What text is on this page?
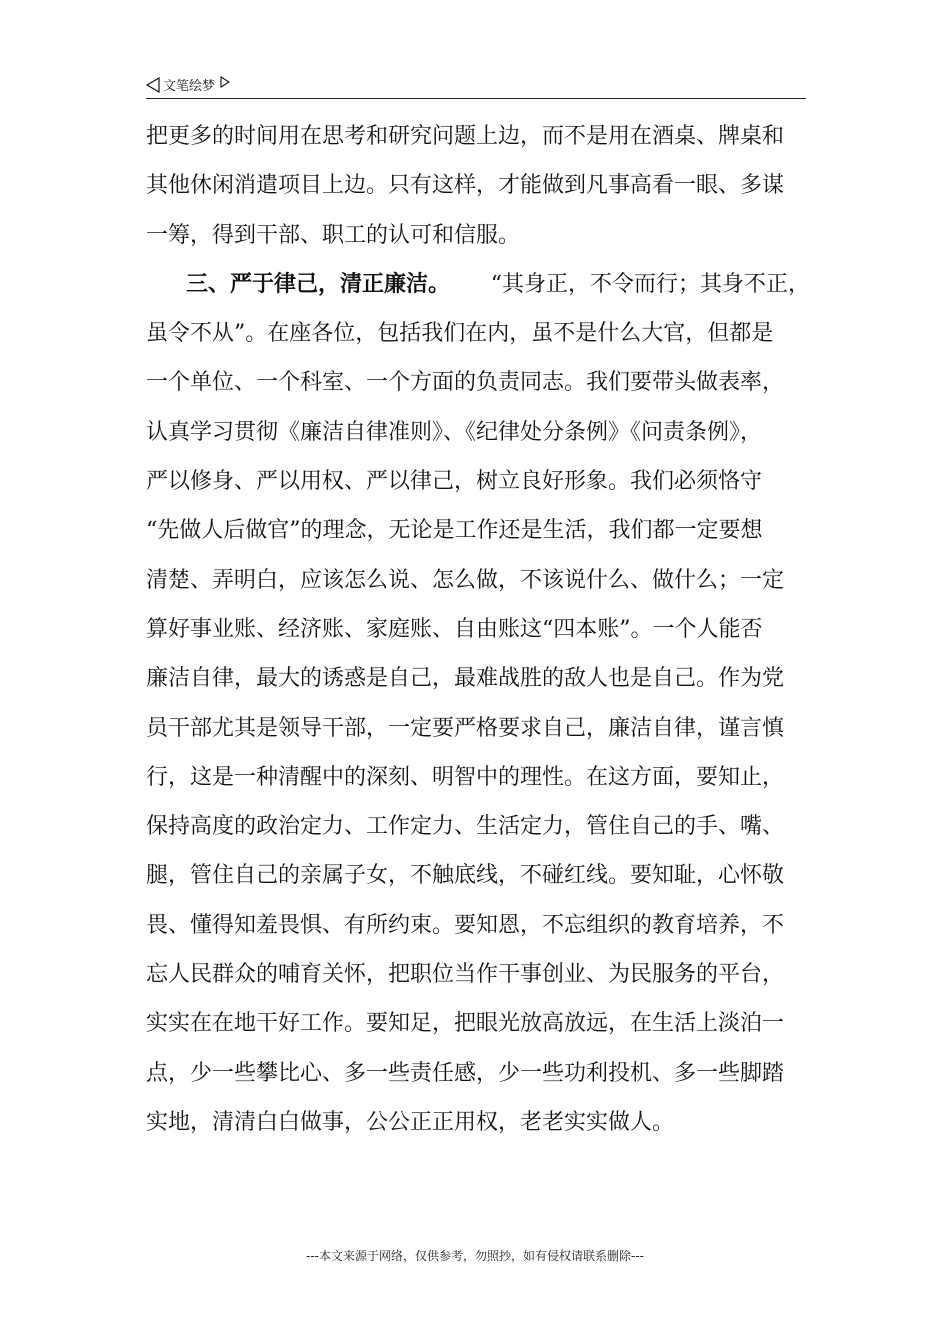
文笔绘梦
把更多的时间用在思考和研究问题上边，而不是用在酒桌、牌桌和
其他休闲消遣项目上边。只有这样，才能做到凡事高看一眼、多谋
一筹，得到干部、职工的认可和信服。
三、严于律己，清正廉洁。 “其身正，不令而行；其身不正，
虽令不从”。在座各位，包括我们在内，虽不是什么大官，但都是
一个单位、一个科室、一个方面的负责同志。我们要带头做表率，
认真学习贯彻《廉洁自律准则》、《纪律处分条例》《问责条例》，
严以修身、严以用权、严以律己，树立良好形象。我们必须恪守
“先做人后做官”的理念，无论是工作还是生活，我们都一定要想
清楚、弄明白，应该怎么说、怎么做，不该说什么、做什么；一定
算好事业账、经济账、家庭账、自由账这“四本账”。一个人能否
廉洁自律，最大的诱惑是自己，最难战胜的敌人也是自己。作为党
员干部尤其是领导干部，一定要严格要求自己，廉洁自律，谨言慎
行，这是一种清醒中的深刻、明智中的理性。在这方面，要知止，
保持高度的政治定力、工作定力、生活定力，管住自己的手、嘴、
腿，管住自己的亲属子女，不触底线，不碰红线。要知耻，心怀敬
畏、懂得知羞畏惧、有所约束。要知恩，不忘组织的教育培养，不
忘人民群众的哺育关怀，把职位当作干事创业、为民服务的平台，
实实在在地干好工作。要知足，把眼光放高放远，在生活上淡泊一
点，少一些攀比心、多一些责任感，少一些功利投机、多一些脚踏
实地，清清白白做事，公公正正用权，老老实实做人。
---本文来源于网络，仅供参考，勿照抄，如有侵权请联系删除---
